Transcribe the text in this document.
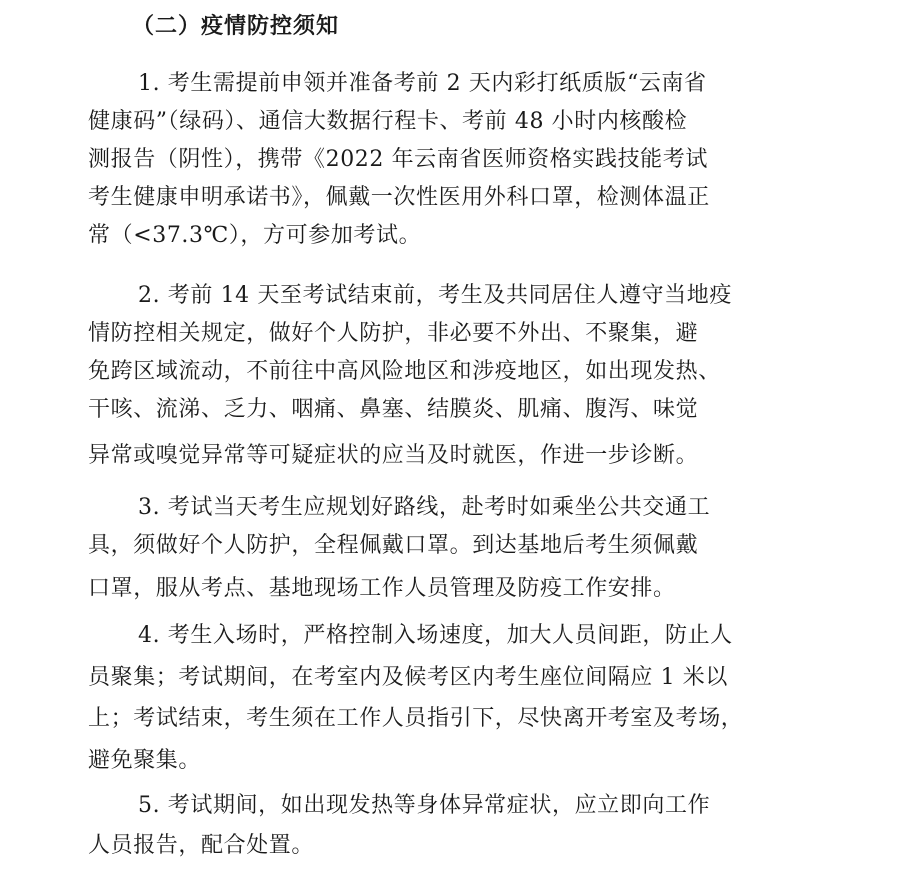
（二）疫情防控须知
1. 考生需提前申领并准备考前 2 天内彩打纸质版“云南省
健康码”（绿码）、通信大数据行程卡、考前 48 小时内核酸检
测报告（阴性），携带《2022 年云南省医师资格实践技能考试
考生健康申明承诺书》，佩戴一次性医用外科口罩，检测体温正
常（<37.3℃），方可参加考试。
2. 考前 14 天至考试结束前，考生及共同居住人遵守当地疫
情防控相关规定，做好个人防护，非必要不外出、不聚集，避
免跨区域流动，不前往中高风险地区和涉疫地区，如出现发热、
干咳、流涕、乏力、咽痛、鼻塞、结膜炎、肌痛、腹泻、味觉
异常或嗅觉异常等可疑症状的应当及时就医，作进一步诊断。
3. 考试当天考生应规划好路线，赴考时如乘坐公共交通工
具，须做好个人防护，全程佩戴口罩。到达基地后考生须佩戴
口罩，服从考点、基地现场工作人员管理及防疫工作安排。
4. 考生入场时，严格控制入场速度，加大人员间距，防止人
员聚集；考试期间，在考室内及候考区内考生座位间隔应 1 米以
上；考试结束，考生须在工作人员指引下，尽快离开考室及考场，
避免聚集。
5. 考试期间，如出现发热等身体异常症状，应立即向工作
人员报告，配合处置。
